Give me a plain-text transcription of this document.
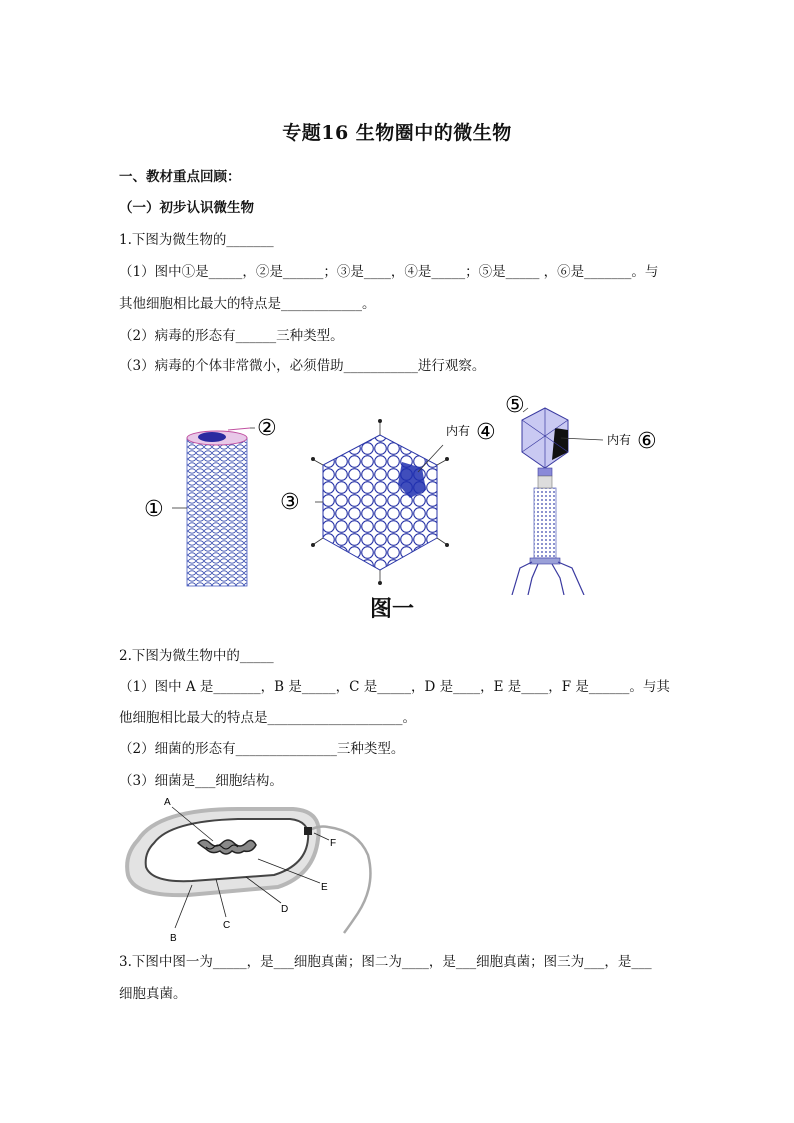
专题16 生物圈中的微生物
一、教材重点回顾：
（一）初步认识微生物
1.下图为微生物的_______
（1）图中①是_____，②是______；③是____，④是_____；⑤是_____ ，⑥是_______。与
其他细胞相比最大的特点是____________。
（2）病毒的形态有______三种类型。
（3）病毒的个体非常微小，必须借助___________进行观察。
②
①
内有 ④
③
⑤
内有 ⑥
图一
2.下图为微生物中的_____
（1）图中 A 是_______，B 是_____，C 是_____，D 是____，E 是____，F 是______。与其
他细胞相比最大的特点是____________________。
（2）细菌的形态有_______________三种类型。
（3）细菌是___细胞结构。
A
B
C
D
E
F
3.下图中图一为_____，是___细胞真菌；图二为____，是___细胞真菌；图三为___，是___
细胞真菌。
